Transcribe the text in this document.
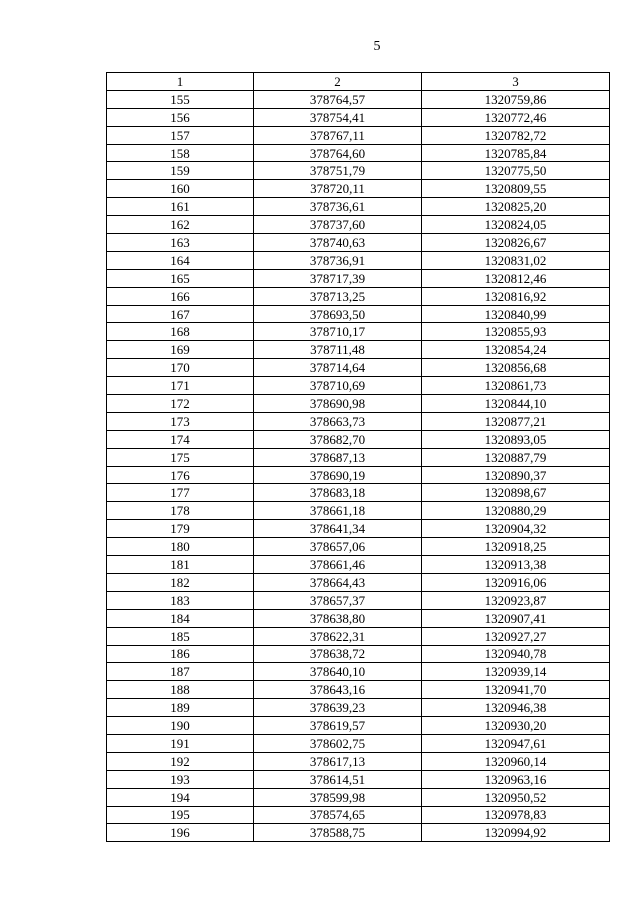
5
1	2	3
155	378764,57	1320759,86
156	378754,41	1320772,46
157	378767,11	1320782,72
158	378764,60	1320785,84
159	378751,79	1320775,50
160	378720,11	1320809,55
161	378736,61	1320825,20
162	378737,60	1320824,05
163	378740,63	1320826,67
164	378736,91	1320831,02
165	378717,39	1320812,46
166	378713,25	1320816,92
167	378693,50	1320840,99
168	378710,17	1320855,93
169	378711,48	1320854,24
170	378714,64	1320856,68
171	378710,69	1320861,73
172	378690,98	1320844,10
173	378663,73	1320877,21
174	378682,70	1320893,05
175	378687,13	1320887,79
176	378690,19	1320890,37
177	378683,18	1320898,67
178	378661,18	1320880,29
179	378641,34	1320904,32
180	378657,06	1320918,25
181	378661,46	1320913,38
182	378664,43	1320916,06
183	378657,37	1320923,87
184	378638,80	1320907,41
185	378622,31	1320927,27
186	378638,72	1320940,78
187	378640,10	1320939,14
188	378643,16	1320941,70
189	378639,23	1320946,38
190	378619,57	1320930,20
191	378602,75	1320947,61
192	378617,13	1320960,14
193	378614,51	1320963,16
194	378599,98	1320950,52
195	378574,65	1320978,83
196	378588,75	1320994,92
